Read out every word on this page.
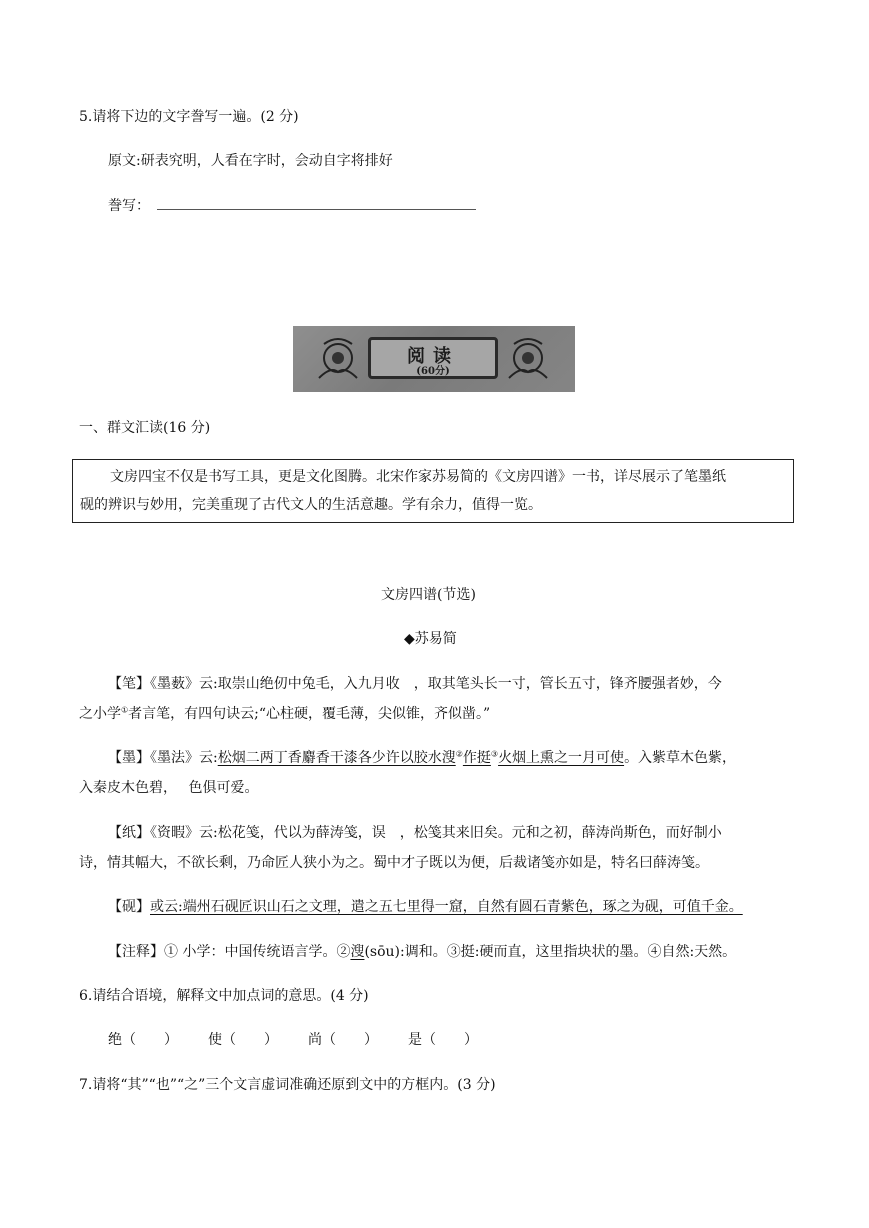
5.请将下边的文字誊写一遍。(2 分)
原文:研表究明，人看在字时，会动自字将排好
誊写：
阅读
(60分)
一、群文汇读(16 分)

文房四宝不仅是书写工具，更是文化图腾。北宋作家苏易简的《文房四谱》一书，详尽展示了笔墨纸

砚的辨识与妙用，完美重现了古代文人的生活意趣。学有余力，值得一览。

文房四谱(节选)
◆苏易简
【笔】《墨薮》云:取崇山绝仞中兔毛，入九月收　，取其笔头长一寸，管长五寸，锋齐腰强者妙，今
之小学①者言笔，有四句诀云;“心柱硬，覆毛薄，尖似锥，齐似凿。”
【墨】《墨法》云:松烟二两丁香麝香干漆各少许以胶水溲②作挺③火烟上熏之一月可使。入紫草木色紫，
入秦皮木色碧，　 色俱可爱。
【纸】《资暇》云:松花笺，代以为薛涛笺，误　，松笺其来旧矣。元和之初，薛涛尚斯色，而好制小
诗，情其幅大，不欲长剩，乃命匠人狭小为之。蜀中才子既以为便，后裁诸笺亦如是，特名曰薛涛笺。
【砚】或云:端州石砚匠识山石之文理，遣之五七里得一窟，自然有圆石青紫色，琢之为砚，可值千金。
【注释】① 小学：中国传统语言学。②溲(sōu):调和。③挺:硬而直，这里指块状的墨。④自然:天然。
6.请结合语境，解释文中加点词的意思。(4 分)
绝（　　） 使（　　） 尚（　　） 是（　　）
7.请将“其”“也”“之”三个文言虚词准确还原到文中的方框内。(3 分)
